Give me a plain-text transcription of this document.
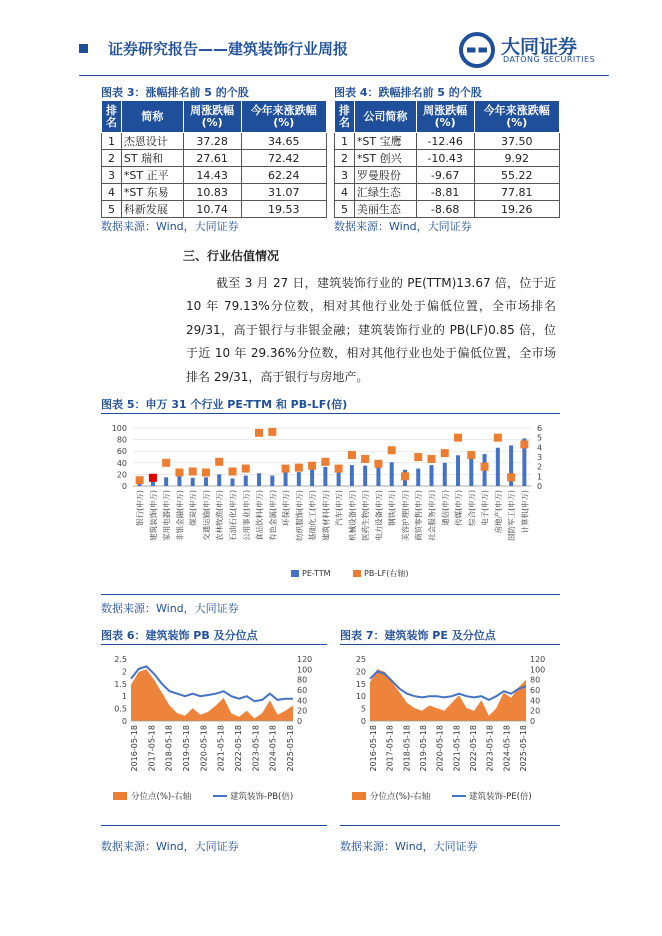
证券研究报告——建筑装饰行业周报	大同证券
DATONG SECURITIES
图表 3：涨幅排名前 5 的个股
排名	简称	周涨跌幅(%)	今年来涨跌幅(%)
1	杰恩设计	37.28	34.65
2	ST 瑞和	27.61	72.42
3	*ST 正平	14.43	62.24
4	*ST 东易	10.83	31.07
5	科新发展	10.74	19.53
数据来源：Wind，大同证券
图表 4：跌幅排名前 5 的个股
排名	公司简称	周涨跌幅(%)	今年来涨跌幅(%)
1	*ST 宝鹰	-12.46	37.50
2	*ST 创兴	-10.43	9.92
3	罗曼股份	-9.67	55.22
4	汇绿生态	-8.81	77.81
5	美丽生态	-8.68	19.26
数据来源：Wind，大同证券
三、行业估值情况
截至 3 月 27 日，建筑装饰行业的 PE(TTM)13.67 倍，位于近 10 年 79.13%分位数，相对其他行业处于偏低位置，全市场排名 29/31，高于银行与非银金融；建筑装饰行业的 PB(LF)0.85 倍，位于近 10 年 29.36%分位数，相对其他行业也处于偏低位置，全市场排名 29/31，高于银行与房地产。
图表 5：申万 31 个行业 PE-TTM 和 PB-LF(倍)
0
20
40
60
80
100
0
1
2
3
4
5
6
银行(申万) 建筑装饰(申万) 家用电器(申万) 非银金融(申万) 煤炭(申万) 交通运输(申万) 农林牧渔(申万) 石油石化(申万) 公用事业(申万) 食品饮料(申万) 有色金属(申万) 环保(申万) 纺织服饰(申万) 基础化工(申万) 建筑材料(申万) 汽车(申万) 机械设备(申万) 医药生物(申万) 电力设备(申万) 钢铁(申万) 美容护理(申万) 商贸零售(申万) 社会服务(申万) 通信(申万) 传媒(申万) 综合(申万) 电子(申万) 房地产(申万) 国防军工(申万) 计算机(申万)
PE-TTM	PB-LF(右轴)
数据来源：Wind，大同证券
图表 6：建筑装饰 PB 及分位点
0
0.5
1
1.5
2
2.5
0
20
40
60
80
100
120
2016-05-18 2017-05-18 2018-05-18 2019-05-18 2020-05-18 2021-05-18 2022-05-18 2023-05-18 2024-05-18 2025-05-18
分位点(%)-右轴	建筑装饰-PB(倍)
数据来源：Wind，大同证券
图表 7：建筑装饰 PE 及分位点
0
5
10
15
20
25
0
20
40
60
80
100
120
2016-05-18 2017-05-18 2018-05-18 2019-05-18 2020-05-18 2021-05-18 2022-05-18 2023-05-18 2024-05-18 2025-05-18
分位点(%)-右轴	建筑装饰-PE(倍)
数据来源：Wind，大同证券
